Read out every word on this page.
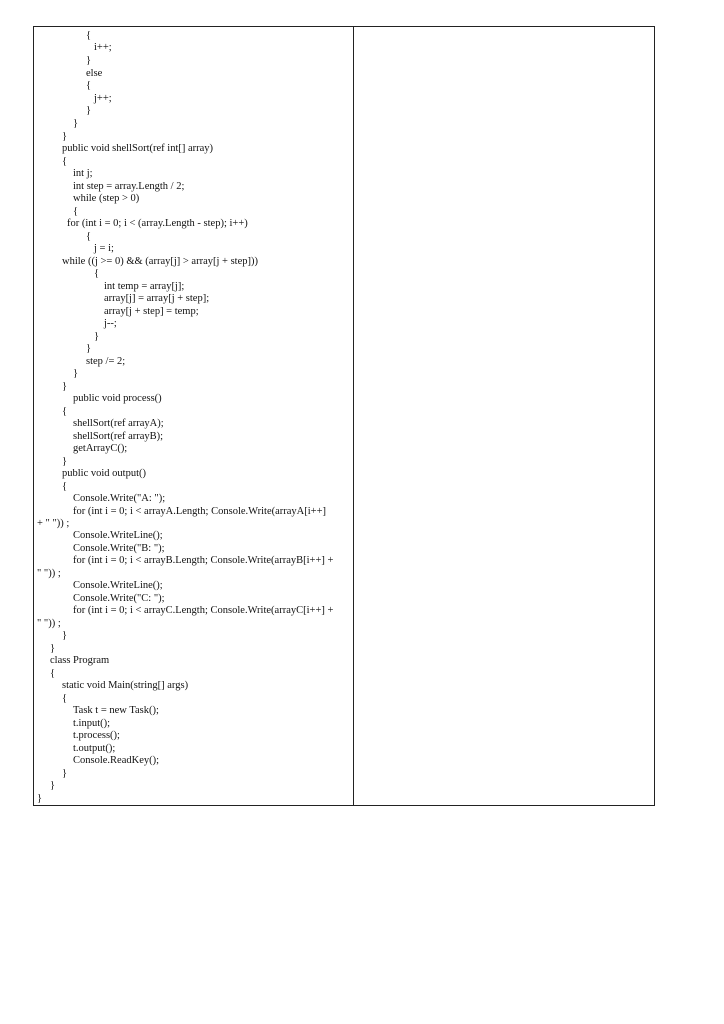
{
i++;
}
else
{
j++;
}
}
}
public void shellSort(ref int[] array)
{
int j;
int step = array.Length / 2;
while (step > 0)
{
for (int i = 0; i < (array.Length - step); i++)
{
j = i;
while ((j >= 0) && (array[j] > array[j + step]))
{
int temp = array[j];
array[j] = array[j + step];
array[j + step] = temp;
j--;
}
}
step /= 2;
}
}
public void process()
{
shellSort(ref arrayA);
shellSort(ref arrayB);
getArrayC();
}
public void output()
{
Console.Write("A: ");
for (int i = 0; i < arrayA.Length; Console.Write(arrayA[i++]
+ " ")) ;
Console.WriteLine();
Console.Write("B: ");
for (int i = 0; i < arrayB.Length; Console.Write(arrayB[i++] +
" ")) ;
Console.WriteLine();
Console.Write("C: ");
for (int i = 0; i < arrayC.Length; Console.Write(arrayC[i++] +
" ")) ;
}
}
class Program
{
static void Main(string[] args)
{
Task t = new Task();
t.input();
t.process();
t.output();
Console.ReadKey();
}
}
}
